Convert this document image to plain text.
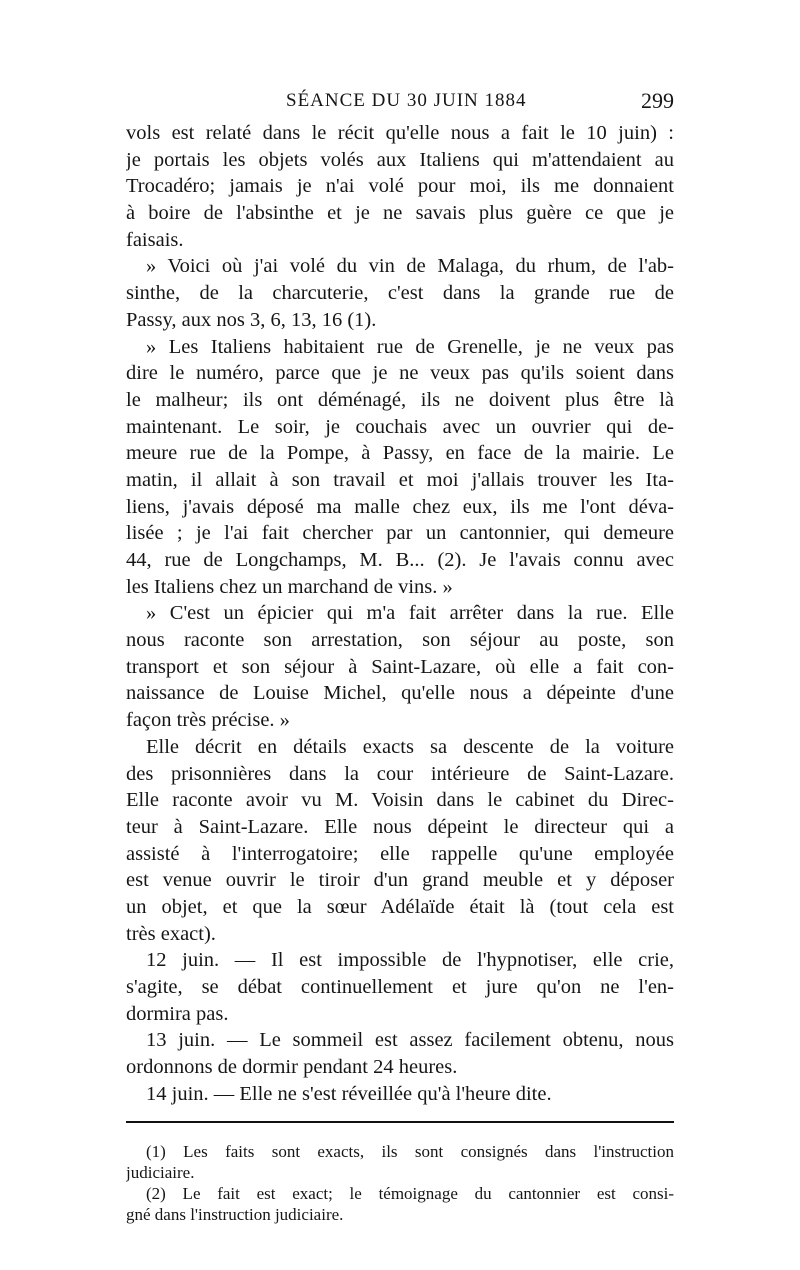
SÉANCE DU 30 JUIN 1884	299
vols est relaté dans le récit qu'elle nous a fait le 10 juin) :
je portais les objets volés aux Italiens qui m'attendaient au
Trocadéro; jamais je n'ai volé pour moi, ils me donnaient
à boire de l'absinthe et je ne savais plus guère ce que je
faisais.
» Voici où j'ai volé du vin de Malaga, du rhum, de l'ab-
sinthe, de la charcuterie, c'est dans la grande rue de
Passy, aux nos 3, 6, 13, 16 (1).
» Les Italiens habitaient rue de Grenelle, je ne veux pas
dire le numéro, parce que je ne veux pas qu'ils soient dans
le malheur; ils ont déménagé, ils ne doivent plus être là
maintenant. Le soir, je couchais avec un ouvrier qui de-
meure rue de la Pompe, à Passy, en face de la mairie. Le
matin, il allait à son travail et moi j'allais trouver les Ita-
liens, j'avais déposé ma malle chez eux, ils me l'ont déva-
lisée ; je l'ai fait chercher par un cantonnier, qui demeure
44, rue de Longchamps, M. B... (2). Je l'avais connu avec
les Italiens chez un marchand de vins. »
» C'est un épicier qui m'a fait arrêter dans la rue. Elle
nous raconte son arrestation, son séjour au poste, son
transport et son séjour à Saint-Lazare, où elle a fait con-
naissance de Louise Michel, qu'elle nous a dépeinte d'une
façon très précise. »
Elle décrit en détails exacts sa descente de la voiture
des prisonnières dans la cour intérieure de Saint-Lazare.
Elle raconte avoir vu M. Voisin dans le cabinet du Direc-
teur à Saint-Lazare. Elle nous dépeint le directeur qui a
assisté à l'interrogatoire; elle rappelle qu'une employée
est venue ouvrir le tiroir d'un grand meuble et y déposer
un objet, et que la sœur Adélaïde était là (tout cela est
très exact).
12 juin. — Il est impossible de l'hypnotiser, elle crie,
s'agite, se débat continuellement et jure qu'on ne l'en-
dormira pas.
13 juin. — Le sommeil est assez facilement obtenu, nous
ordonnons de dormir pendant 24 heures.
14 juin. — Elle ne s'est réveillée qu'à l'heure dite.
(1) Les faits sont exacts, ils sont consignés dans l'instruction
judiciaire.
(2) Le fait est exact; le témoignage du cantonnier est consi-
gné dans l'instruction judiciaire.
